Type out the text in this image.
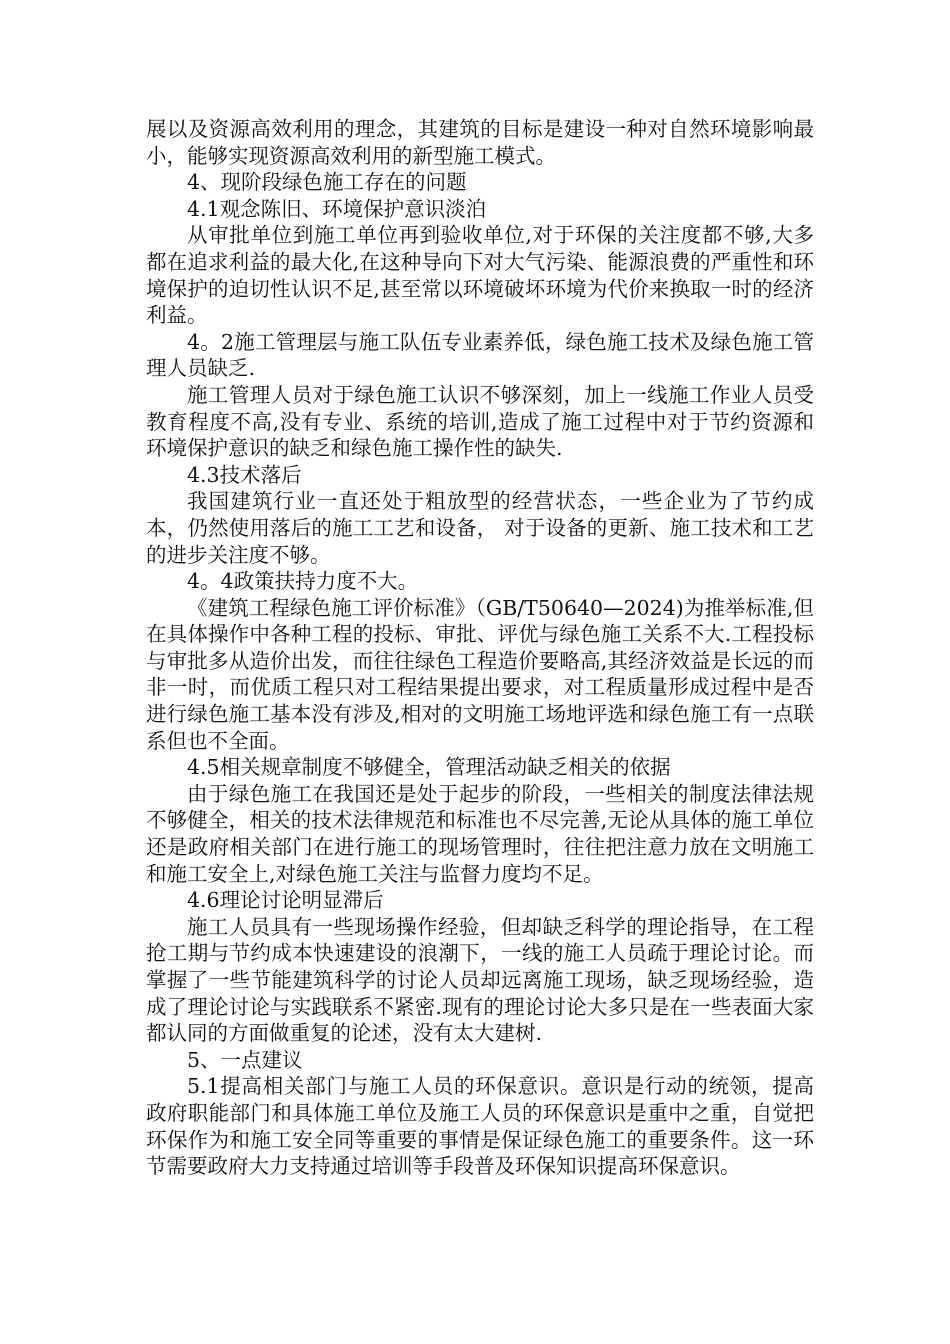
展以及资源高效利用的理念，其建筑的目标是建设一种对自然环境影响最小，能够实现资源高效利用的新型施工模式。

4、现阶段绿色施工存在的问题

4.1观念陈旧、环境保护意识淡泊

从审批单位到施工单位再到验收单位,对于环保的关注度都不够,大多都在追求利益的最大化,在这种导向下对大气污染、能源浪费的严重性和环境保护的迫切性认识不足,甚至常以环境破坏环境为代价来换取一时的经济利益。

4。2施工管理层与施工队伍专业素养低，绿色施工技术及绿色施工管理人员缺乏.

施工管理人员对于绿色施工认识不够深刻，加上一线施工作业人员受教育程度不高,没有专业、系统的培训,造成了施工过程中对于节约资源和环境保护意识的缺乏和绿色施工操作性的缺失.

4.3技术落后

我国建筑行业一直还处于粗放型的经营状态，一些企业为了节约成本，仍然使用落后的施工工艺和设备， 对于设备的更新、施工技术和工艺的进步关注度不够。

4。4政策扶持力度不大。

《建筑工程绿色施工评价标准》（GB/T50640—2024)为推举标准,但在具体操作中各种工程的投标、审批、评优与绿色施工关系不大.工程投标与审批多从造价出发，而往往绿色工程造价要略高,其经济效益是长远的而非一时，而优质工程只对工程结果提出要求，对工程质量形成过程中是否进行绿色施工基本没有涉及,相对的文明施工场地评选和绿色施工有一点联系但也不全面。

4.5相关规章制度不够健全，管理活动缺乏相关的依据

由于绿色施工在我国还是处于起步的阶段，一些相关的制度法律法规不够健全，相关的技术法律规范和标准也不尽完善,无论从具体的施工单位还是政府相关部门在进行施工的现场管理时，往往把注意力放在文明施工和施工安全上,对绿色施工关注与监督力度均不足。

4.6理论讨论明显滞后

施工人员具有一些现场操作经验，但却缺乏科学的理论指导，在工程抢工期与节约成本快速建设的浪潮下，一线的施工人员疏于理论讨论。而掌握了一些节能建筑科学的讨论人员却远离施工现场，缺乏现场经验，造成了理论讨论与实践联系不紧密.现有的理论讨论大多只是在一些表面大家都认同的方面做重复的论述，没有太大建树.

5、一点建议

5.1提高相关部门与施工人员的环保意识。意识是行动的统领，提高政府职能部门和具体施工单位及施工人员的环保意识是重中之重，自觉把环保作为和施工安全同等重要的事情是保证绿色施工的重要条件。这一环节需要政府大力支持通过培训等手段普及环保知识提高环保意识。
